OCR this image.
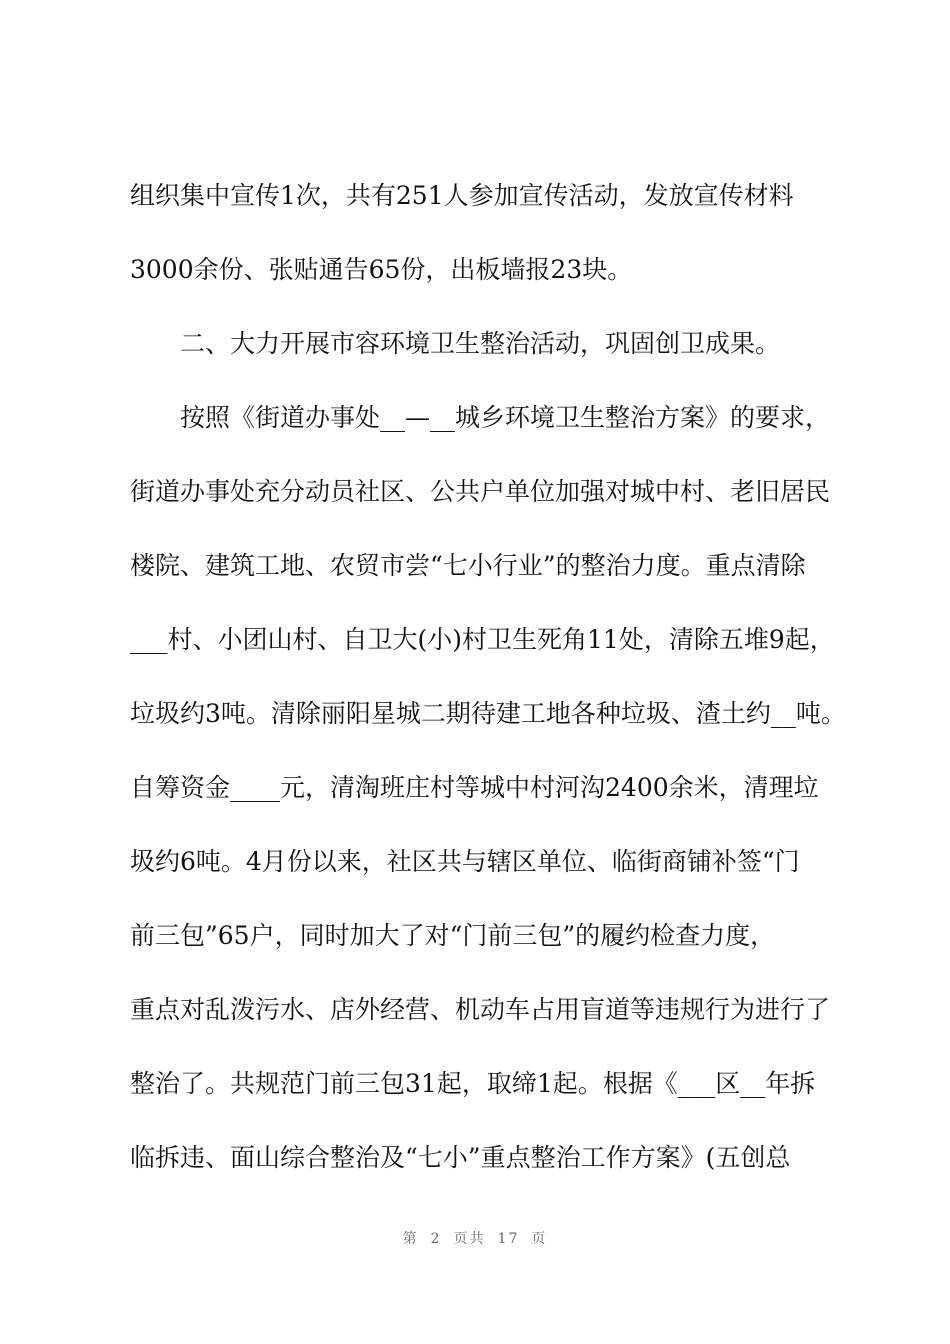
组织集中宣传1次，共有251人参加宣传活动，发放宣传材料
3000余份、张贴通告65份，出板墙报23块。
二、大力开展市容环境卫生整治活动，巩固创卫成果。
按照《街道办事处__—__城乡环境卫生整治方案》的要求，
街道办事处充分动员社区、公共户单位加强对城中村、老旧居民
楼院、建筑工地、农贸市尝“七小行业”的整治力度。重点清除
___村、小团山村、自卫大(小)村卫生死角11处，清除五堆9起，
垃圾约3吨。清除丽阳星城二期待建工地各种垃圾、渣土约__吨。
自筹资金____元，清淘班庄村等城中村河沟2400余米，清理垃
圾约6吨。4月份以来，社区共与辖区单位、临街商铺补签“门
前三包”65户，同时加大了对“门前三包”的履约检查力度，
重点对乱泼污水、店外经营、机动车占用盲道等违规行为进行了
整治了。共规范门前三包31起，取缔1起。根据《___区__年拆
临拆违、面山综合整治及“七小”重点整治工作方案》(五创总
第 2 页共 17 页
